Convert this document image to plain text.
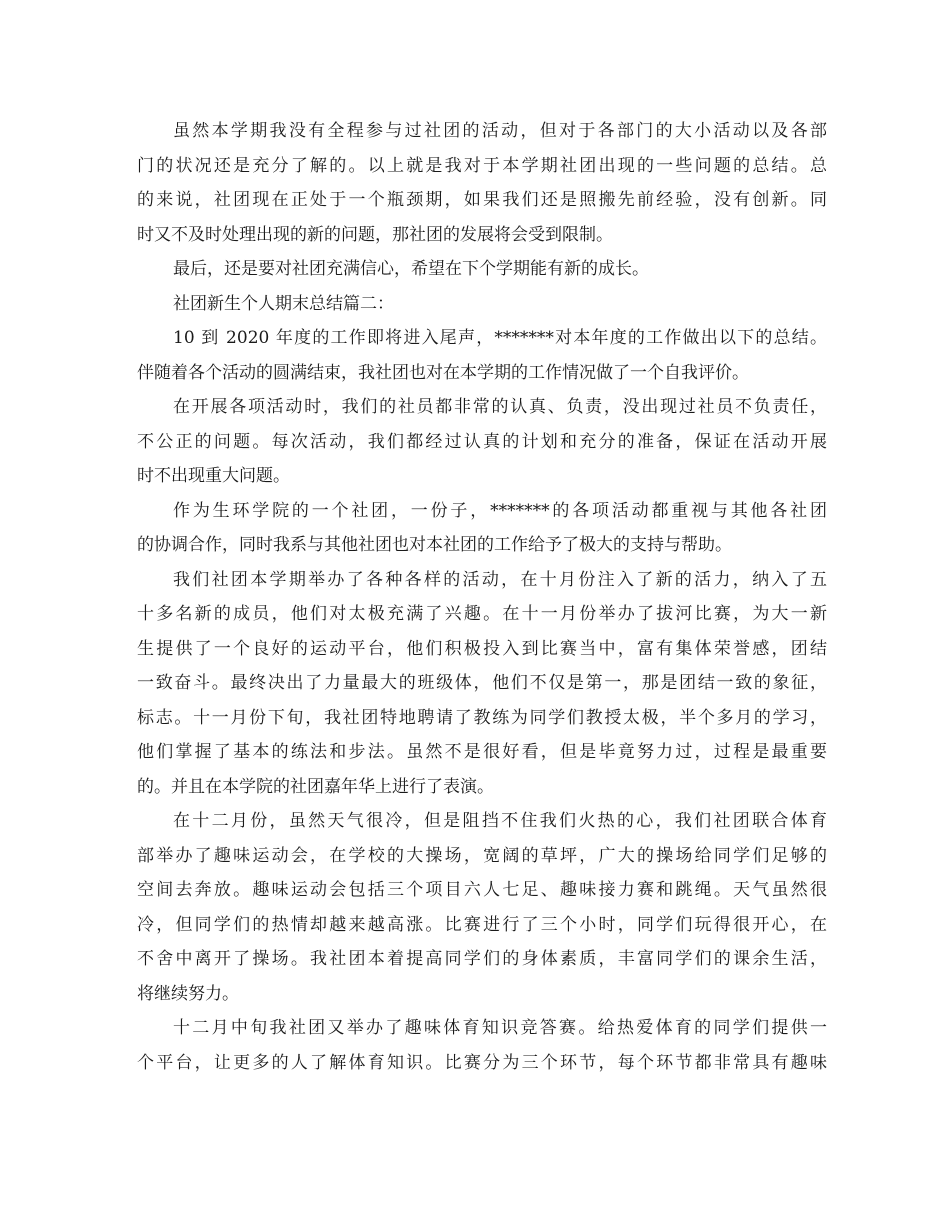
虽然本学期我没有全程参与过社团的活动，但对于各部门的大小活动以及各部
门的状况还是充分了解的。以上就是我对于本学期社团出现的一些问题的总结。总
的来说，社团现在正处于一个瓶颈期，如果我们还是照搬先前经验，没有创新。同
时又不及时处理出现的新的问题，那社团的发展将会受到限制。
最后，还是要对社团充满信心，希望在下个学期能有新的成长。
社团新生个人期末总结篇二：
10 到 2020 年度的工作即将进入尾声，*******对本年度的工作做出以下的总结。
伴随着各个活动的圆满结束，我社团也对在本学期的工作情况做了一个自我评价。
在开展各项活动时，我们的社员都非常的认真、负责，没出现过社员不负责任，
不公正的问题。每次活动，我们都经过认真的计划和充分的准备，保证在活动开展
时不出现重大问题。
作为生环学院的一个社团，一份子，*******的各项活动都重视与其他各社团
的协调合作，同时我系与其他社团也对本社团的工作给予了极大的支持与帮助。
我们社团本学期举办了各种各样的活动，在十月份注入了新的活力，纳入了五
十多名新的成员，他们对太极充满了兴趣。在十一月份举办了拔河比赛，为大一新
生提供了一个良好的运动平台，他们积极投入到比赛当中，富有集体荣誉感，团结
一致奋斗。最终决出了力量最大的班级体，他们不仅是第一，那是团结一致的象征，
标志。十一月份下旬，我社团特地聘请了教练为同学们教授太极，半个多月的学习，
他们掌握了基本的练法和步法。虽然不是很好看，但是毕竟努力过，过程是最重要
的。并且在本学院的社团嘉年华上进行了表演。
在十二月份，虽然天气很冷，但是阻挡不住我们火热的心，我们社团联合体育
部举办了趣味运动会，在学校的大操场，宽阔的草坪，广大的操场给同学们足够的
空间去奔放。趣味运动会包括三个项目六人七足、趣味接力赛和跳绳。天气虽然很
冷，但同学们的热情却越来越高涨。比赛进行了三个小时，同学们玩得很开心，在
不舍中离开了操场。我社团本着提高同学们的身体素质，丰富同学们的课余生活，
将继续努力。
十二月中旬我社团又举办了趣味体育知识竞答赛。给热爱体育的同学们提供一
个平台，让更多的人了解体育知识。比赛分为三个环节，每个环节都非常具有趣味
